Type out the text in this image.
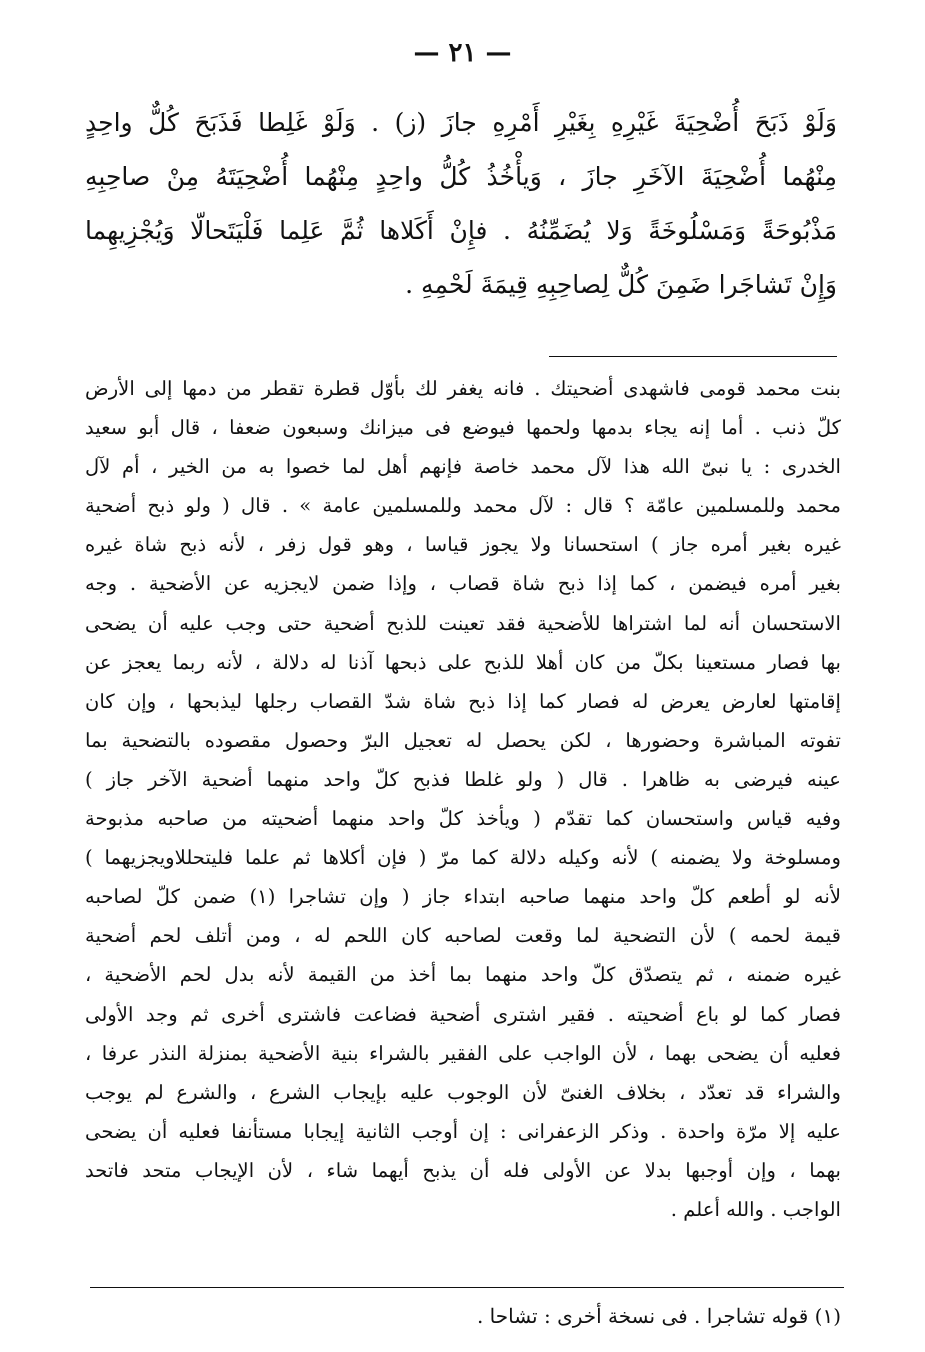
— ٢١ —
وَلَوْ ذَبَحَ أُضْحِيَةَ غَيْرِهِ بِغَيْرِ أَمْرِهِ جازَ (ز) . وَلَوْ غَلِطا فَذَبَحَ كُلٌّ واحِدٍ
مِنْهُما أُضْحِيَةَ الآخَرِ جازَ ، وَيأْخُذُ كُلُّ واحِدٍ مِنْهُما أُضْحِيَتَهُ مِنْ صاحِبِهِ
مَذْبُوحَةً وَمَسْلُوخَةً وَلا يُضَمِّنُهُ . فإِنْ أَكَلاها ثُمَّ عَلِما فَلْيَتَحالّا وَيُجْزِيهِما
وَإِنْ تَشاجَرا ضَمِنَ كُلٌّ لِصاحِبِهِ قِيمَةَ لَحْمِهِ .
بنت محمد قومى فاشهدى أضحيتك . فانه يغفر لك بأوّل قطرة تقطر من دمها إلى الأرض
كلّ ذنب . أما إنه يجاء بدمها ولحمها فيوضع فى ميزانك وسبعون ضعفا ، قال أبو سعيد
الخدرى : يا نبىّ الله هذا لآل محمد خاصة فإنهم أهل لما خصوا به من الخير ، أم لآل
محمد وللمسلمين عامّة ؟ قال : لآل محمد وللمسلمين عامة » . قال ( ولو ذبح أضحية
غيره بغير أمره جاز ) استحسانا ولا يجوز قياسا ، وهو قول زفر ، لأنه ذبح شاة غيره
بغير أمره فيضمن ، كما إذا ذبح شاة قصاب ، وإذا ضمن لايجزيه عن الأضحية . وجه
الاستحسان أنه لما اشتراها للأضحية فقد تعينت للذبح أضحية حتى وجب عليه أن يضحى
بها فصار مستعينا بكلّ من كان أهلا للذبح على ذبحها آذنا له دلالة ، لأنه ربما يعجز عن
إقامتها لعارض يعرض له فصار كما إذا ذبح شاة شدّ القصاب رجلها ليذبحها ، وإن كان
تفوته المباشرة وحضورها ، لكن يحصل له تعجيل البرّ وحصول مقصوده بالتضحية بما
عينه فيرضى به ظاهرا . قال ( ولو غلطا فذبح كلّ واحد منهما أضحية الآخر جاز )
وفيه قياس واستحسان كما تقدّم ( ويأخذ كلّ واحد منهما أضحيته من صاحبه مذبوحة
ومسلوخة ولا يضمنه ) لأنه وكيله دلالة كما مرّ ( فإن أكلاها ثم علما فليتحللاويجزيهما )
لأنه لو أطعم كلّ واحد منهما صاحبه ابتداء جاز ( وإن تشاجرا (١) ضمن كلّ لصاحبه
قيمة لحمه ) لأن التضحية لما وقعت لصاحبه كان اللحم له ، ومن أتلف لحم أضحية
غيره ضمنه ، ثم يتصدّق كلّ واحد منهما بما أخذ من القيمة لأنه بدل لحم الأضحية ،
فصار كما لو باع أضحيته . فقير اشترى أضحية فضاعت فاشترى أخرى ثم وجد الأولى
فعليه أن يضحى بهما ، لأن الواجب على الفقير بالشراء بنية الأضحية بمنزلة النذر عرفا ،
والشراء قد تعدّد ، بخلاف الغنىّ لأن الوجوب عليه بإيجاب الشرع ، والشرع لم يوجب
عليه إلا مرّة واحدة . وذكر الزعفرانى : إن أوجب الثانية إيجابا مستأنفا فعليه أن يضحى
بهما ، وإن أوجبها بدلا عن الأولى فله أن يذبح أيهما شاء ، لأن الإيجاب متحد فاتحد
الواجب . والله أعلم .
(١) قوله تشاجرا . فى نسخة أخرى : تشاحا .
